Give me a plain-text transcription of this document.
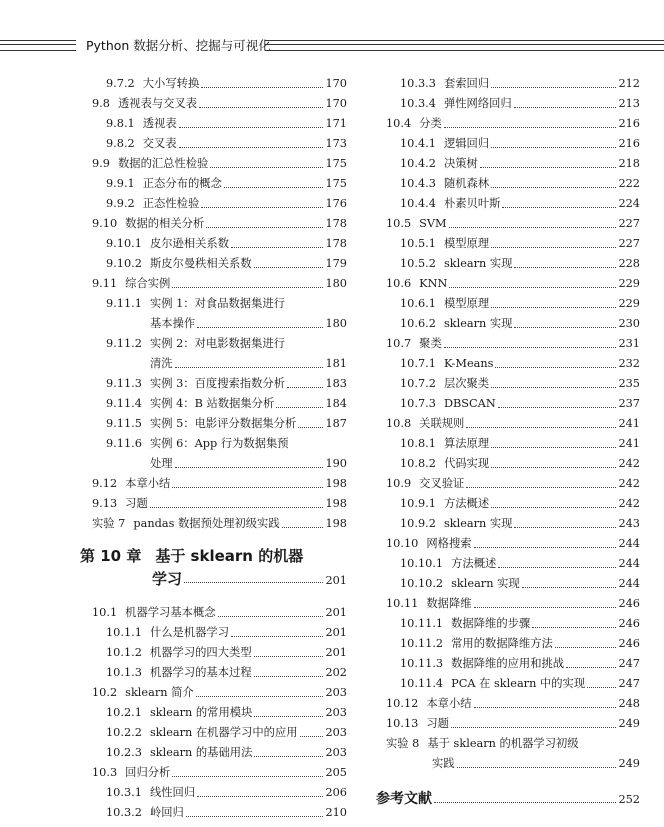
Python 数据分析、挖掘与可视化
9.7.2 大小写转换	170
9.8 透视表与交叉表	170
9.8.1 透视表	171
9.8.2 交叉表	173
9.9 数据的汇总性检验	175
9.9.1 正态分布的概念	175
9.9.2 正态性检验	176
9.10 数据的相关分析	178
9.10.1 皮尔逊相关系数	178
9.10.2 斯皮尔曼秩相关系数	179
9.11 综合实例	180
9.11.1 实例 1：对食品数据集进行
基本操作	180
9.11.2 实例 2：对电影数据集进行
清洗	181
9.11.3 实例 3：百度搜索指数分析	183
9.11.4 实例 4：B 站数据集分析	184
9.11.5 实例 5：电影评分数据集分析	187
9.11.6 实例 6：App 行为数据集预
处理	190
9.12 本章小结	198
9.13 习题	198
实验 7 pandas 数据预处理初级实践	198
第 10 章 基于 sklearn 的机器
学习	201
10.1 机器学习基本概念	201
10.1.1 什么是机器学习	201
10.1.2 机器学习的四大类型	201
10.1.3 机器学习的基本过程	202
10.2 sklearn 简介	203
10.2.1 sklearn 的常用模块	203
10.2.2 sklearn 在机器学习中的应用 203
10.2.3 sklearn 的基础用法	203
10.3 回归分析	205
10.3.1 线性回归	206
10.3.2 岭回归	210
10.3.3 套索回归	212
10.3.4 弹性网络回归	213
10.4 分类	216
10.4.1 逻辑回归	216
10.4.2 决策树	218
10.4.3 随机森林	222
10.4.4 朴素贝叶斯	224
10.5 SVM	227
10.5.1 模型原理	227
10.5.2 sklearn 实现	228
10.6 KNN	229
10.6.1 模型原理	229
10.6.2 sklearn 实现	230
10.7 聚类	231
10.7.1 K-Means	232
10.7.2 层次聚类	235
10.7.3 DBSCAN	237
10.8 关联规则	241
10.8.1 算法原理	241
10.8.2 代码实现	242
10.9 交叉验证	242
10.9.1 方法概述	242
10.9.2 sklearn 实现	243
10.10 网格搜索	244
10.10.1 方法概述	244
10.10.2 sklearn 实现	244
10.11 数据降维	246
10.11.1 数据降维的步骤	246
10.11.2 常用的数据降维方法	246
10.11.3 数据降维的应用和挑战	247
10.11.4 PCA 在 sklearn 中的实现	247
10.12 本章小结	248
10.13 习题	249
实验 8 基于 sklearn 的机器学习初级
实践	249
参考文献	252
